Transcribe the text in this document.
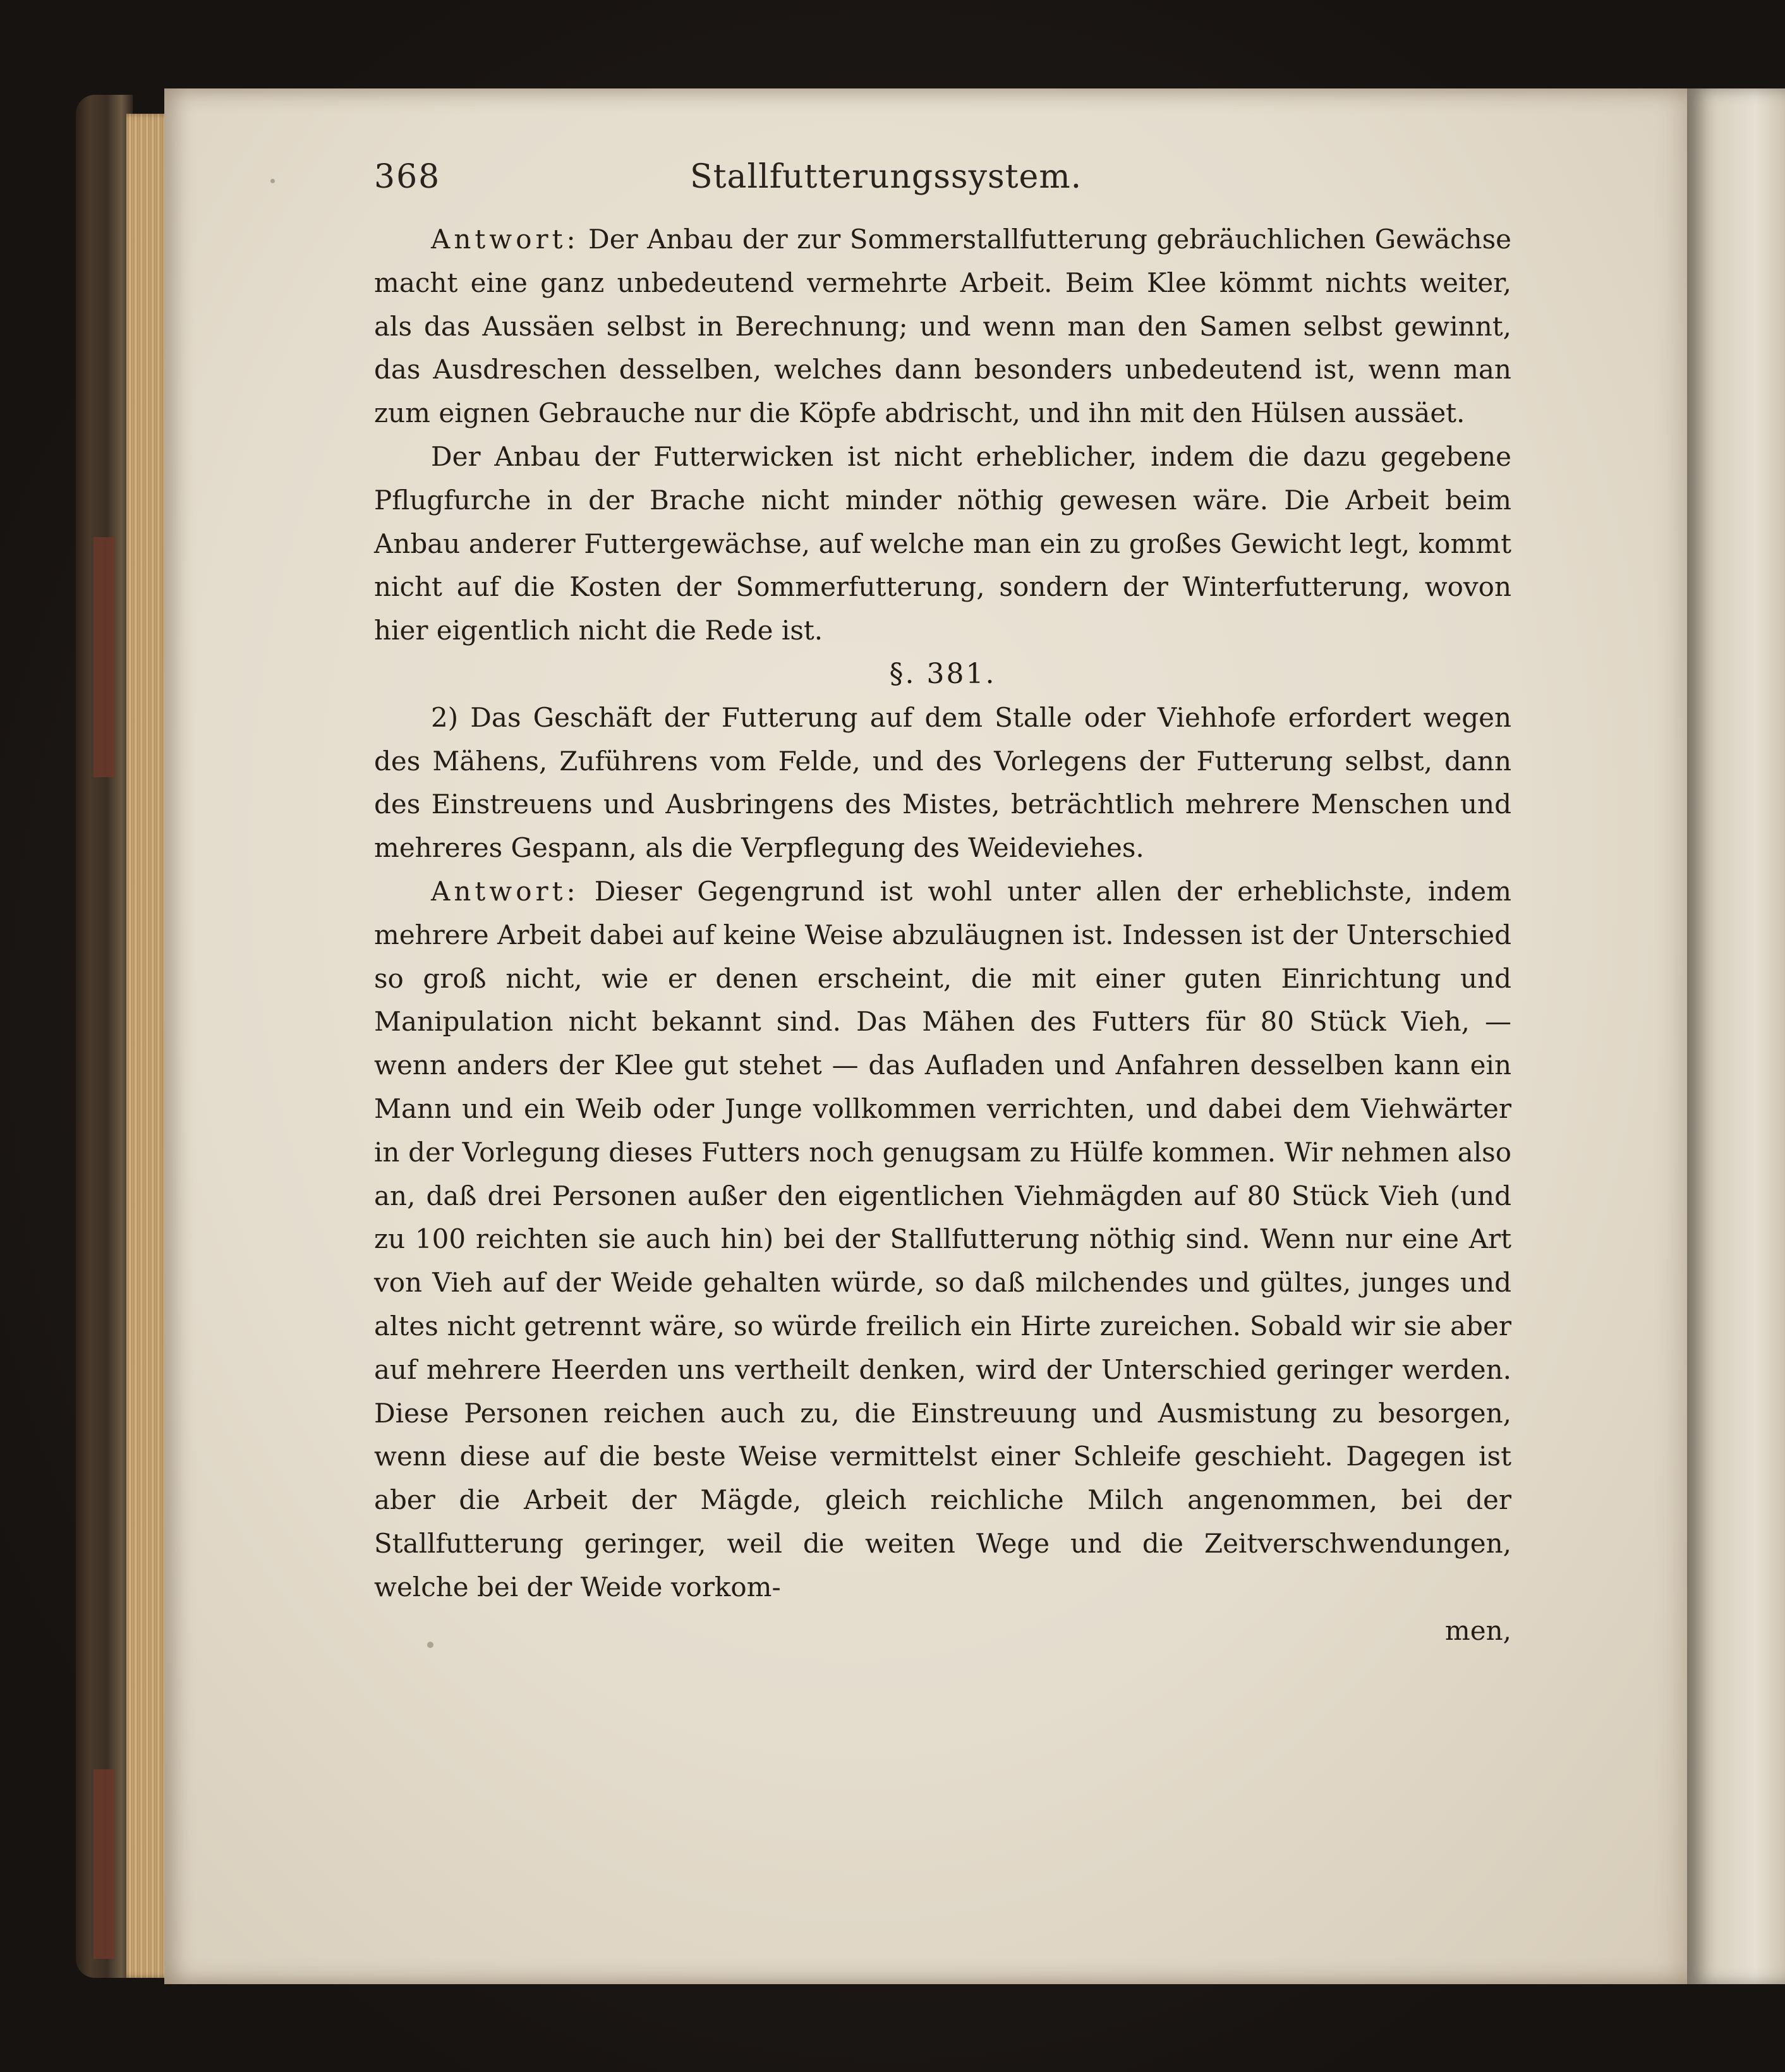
368	Stallfutterungssystem.

Antwort: Der Anbau der zur Sommerstallfutterung gebräuchlichen Gewächse macht eine ganz unbedeutend vermehrte Arbeit. Beim Klee kömmt nichts weiter, als das Aussäen selbst in Berechnung; und wenn man den Samen selbst gewinnt, das Ausdreschen desselben, welches dann besonders unbedeutend ist, wenn man zum eignen Gebrauche nur die Köpfe abdrischt, und ihn mit den Hülsen aussäet.

Der Anbau der Futterwicken ist nicht erheblicher, indem die dazu gegebene Pflugfurche in der Brache nicht minder nöthig gewesen wäre. Die Arbeit beim Anbau anderer Futtergewächse, auf welche man ein zu großes Gewicht legt, kommt nicht auf die Kosten der Sommerfutterung, sondern der Winterfutterung, wovon hier eigentlich nicht die Rede ist.

§. 381.

2) Das Geschäft der Futterung auf dem Stalle oder Viehhofe erfordert wegen des Mähens, Zuführens vom Felde, und des Vorlegens der Futterung selbst, dann des Einstreuens und Ausbringens des Mistes, beträchtlich mehrere Menschen und mehreres Gespann, als die Verpflegung des Weideviehes.

Antwort: Dieser Gegengrund ist wohl unter allen der erheblichste, indem mehrere Arbeit dabei auf keine Weise abzuläugnen ist. Indessen ist der Unterschied so groß nicht, wie er denen erscheint, die mit einer guten Einrichtung und Manipulation nicht bekannt sind. Das Mähen des Futters für 80 Stück Vieh, — wenn anders der Klee gut stehet — das Aufladen und Anfahren desselben kann ein Mann und ein Weib oder Junge vollkommen verrichten, und dabei dem Viehwärter in der Vorlegung dieses Futters noch genugsam zu Hülfe kommen. Wir nehmen also an, daß drei Personen außer den eigentlichen Viehmägden auf 80 Stück Vieh (und zu 100 reichten sie auch hin) bei der Stallfutterung nöthig sind. Wenn nur eine Art von Vieh auf der Weide gehalten würde, so daß milchendes und gültes, junges und altes nicht getrennt wäre, so würde freilich ein Hirte zureichen. Sobald wir sie aber auf mehrere Heerden uns vertheilt denken, wird der Unterschied geringer werden. Diese Personen reichen auch zu, die Einstreuung und Ausmistung zu besorgen, wenn diese auf die beste Weise vermittelst einer Schleife geschieht. Dagegen ist aber die Arbeit der Mägde, gleich reichliche Milch angenommen, bei der Stallfutterung geringer, weil die weiten Wege und die Zeitverschwendungen, welche bei der Weide vorkom-

men,
